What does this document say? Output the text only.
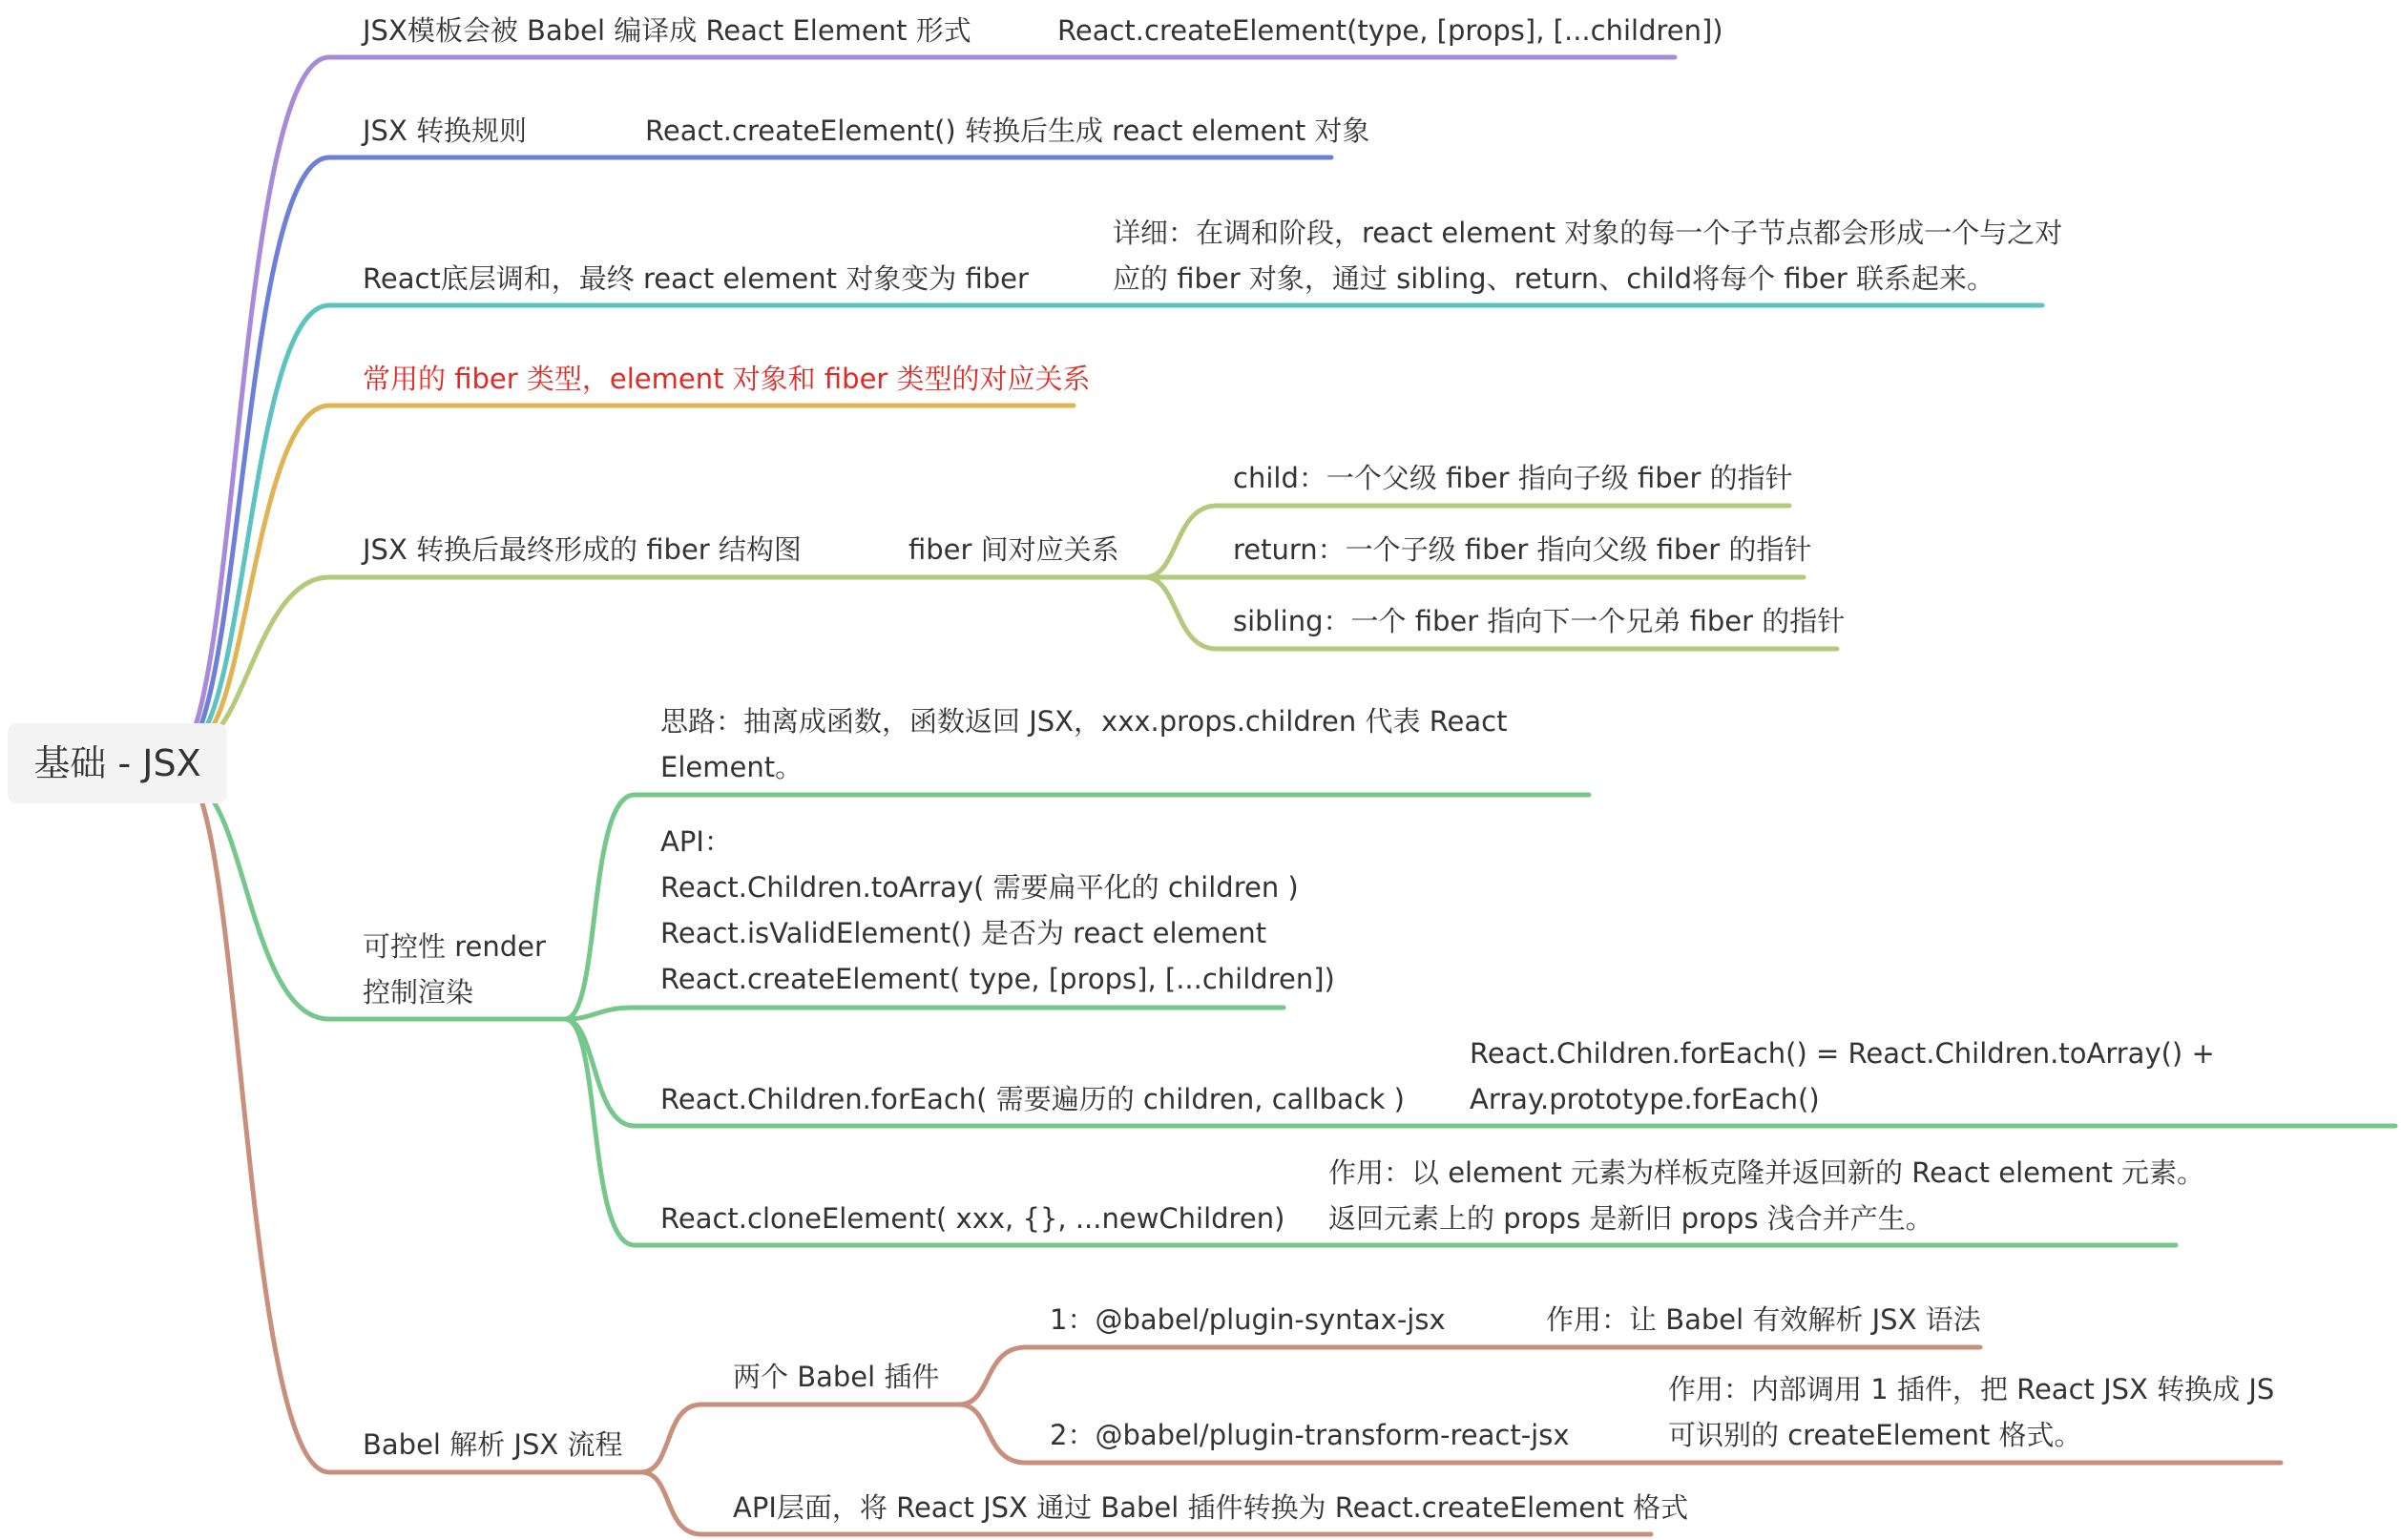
基础 - JSX
JSX模板会被 Babel 编译成 React Element 形式	React.createElement(type, [props], [...children])
JSX 转换规则	React.createElement() 转换后生成 react element 对象
React底层调和，最终 react element 对象变为 fiber
详细：在调和阶段，react element 对象的每一个子节点都会形成一个与之对
应的 fiber 对象，通过 sibling、return、child将每个 fiber 联系起来。
常用的 fiber 类型，element 对象和 fiber 类型的对应关系
JSX 转换后最终形成的 fiber 结构图	fiber 间对应关系
child：一个父级 fiber 指向子级 fiber 的指针
return：一个子级 fiber 指向父级 fiber 的指针
sibling：一个 fiber 指向下一个兄弟 fiber 的指针
可控性 render
控制渲染
思路：抽离成函数，函数返回 JSX，xxx.props.children 代表 React
Element。
API：
React.Children.toArray( 需要扁平化的 children )
React.isValidElement() 是否为 react element
React.createElement( type, [props], [...children])
React.Children.forEach( 需要遍历的 children, callback )
React.Children.forEach() = React.Children.toArray() +
Array.prototype.forEach()
React.cloneElement( xxx, {}, ...newChildren)
作用：以 element 元素为样板克隆并返回新的 React element 元素。
返回元素上的 props 是新旧 props 浅合并产生。
Babel 解析 JSX 流程
两个 Babel 插件
1：@babel/plugin-syntax-jsx	作用：让 Babel 有效解析 JSX 语法
2：@babel/plugin-transform-react-jsx
作用：内部调用 1 插件，把 React JSX 转换成 JS
可识别的 createElement 格式。
API层面，将 React JSX 通过 Babel 插件转换为 React.createElement 格式
